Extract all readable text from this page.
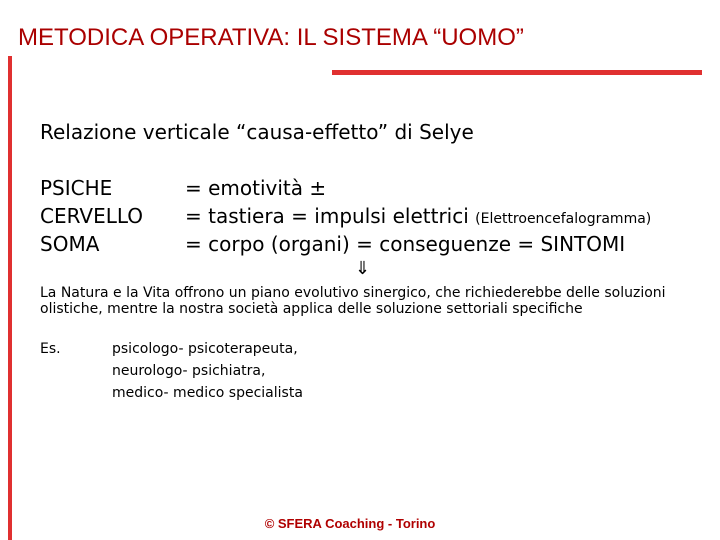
METODICA OPERATIVA: IL SISTEMA “UOMO”
Relazione verticale “causa-effetto” di Selye
PSICHE	= emotività ±
CERVELLO = tastiera = impulsi elettrici (Elettroencefalogramma)
SOMA	= corpo (organi) = conseguenze = SINTOMI
⇓
La Natura e la Vita offrono un piano evolutivo sinergico, che richiederebbe delle soluzioni olistiche, mentre la nostra società applica delle soluzione settoriali specifiche
Es.	psicologo- psicoterapeuta,
neurologo- psichiatra,
medico- medico specialista
© SFERA Coaching - Torino
